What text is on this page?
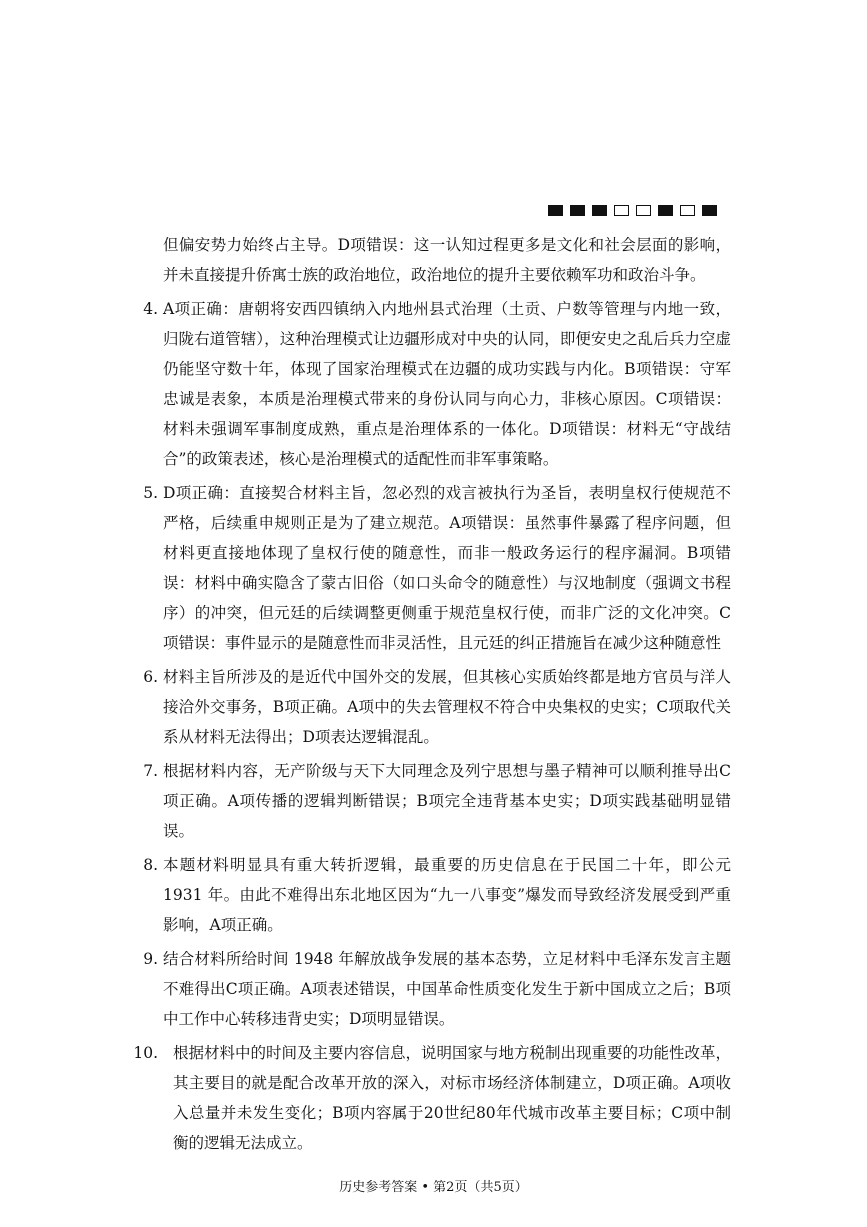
但偏安势力始终占主导。D项错误：这一认知过程更多是文化和社会层面的影响，并未直接提升侨寓士族的政治地位，政治地位的提升主要依赖军功和政治斗争。
4. A项正确：唐朝将安西四镇纳入内地州县式治理（土贡、户数等管理与内地一致，归陇右道管辖），这种治理模式让边疆形成对中央的认同，即便安史之乱后兵力空虚仍能坚守数十年，体现了国家治理模式在边疆的成功实践与内化。B项错误：守军忠诚是表象，本质是治理模式带来的身份认同与向心力，非核心原因。C项错误：材料未强调军事制度成熟，重点是治理体系的一体化。D项错误：材料无“守战结合”的政策表述，核心是治理模式的适配性而非军事策略。
5. D项正确：直接契合材料主旨，忽必烈的戏言被执行为圣旨，表明皇权行使规范不严格，后续重申规则正是为了建立规范。A项错误：虽然事件暴露了程序问题，但材料更直接地体现了皇权行使的随意性，而非一般政务运行的程序漏洞。B项错误：材料中确实隐含了蒙古旧俗（如口头命令的随意性）与汉地制度（强调文书程序）的冲突，但元廷的后续调整更侧重于规范皇权行使，而非广泛的文化冲突。C项错误：事件显示的是随意性而非灵活性，且元廷的纠正措施旨在减少这种随意性
6. 材料主旨所涉及的是近代中国外交的发展，但其核心实质始终都是地方官员与洋人接洽外交事务，B项正确。A项中的失去管理权不符合中央集权的史实；C项取代关系从材料无法得出；D项表达逻辑混乱。
7. 根据材料内容，无产阶级与天下大同理念及列宁思想与墨子精神可以顺利推导出C项正确。A项传播的逻辑判断错误；B项完全违背基本史实；D项实践基础明显错误。
8. 本题材料明显具有重大转折逻辑，最重要的历史信息在于民国二十年，即公元 1931 年。由此不难得出东北地区因为“九一八事变”爆发而导致经济发展受到严重影响，A项正确。
9. 结合材料所给时间 1948 年解放战争发展的基本态势，立足材料中毛泽东发言主题不难得出C项正确。A项表述错误，中国革命性质变化发生于新中国成立之后；B项中工作中心转移违背史实；D项明显错误。
10. 根据材料中的时间及主要内容信息，说明国家与地方税制出现重要的功能性改革，其主要目的就是配合改革开放的深入，对标市场经济体制建立，D项正确。A项收入总量并未发生变化；B项内容属于20世纪80年代城市改革主要目标；C项中制衡的逻辑无法成立。
历史参考答案 • 第2页（共5页）
